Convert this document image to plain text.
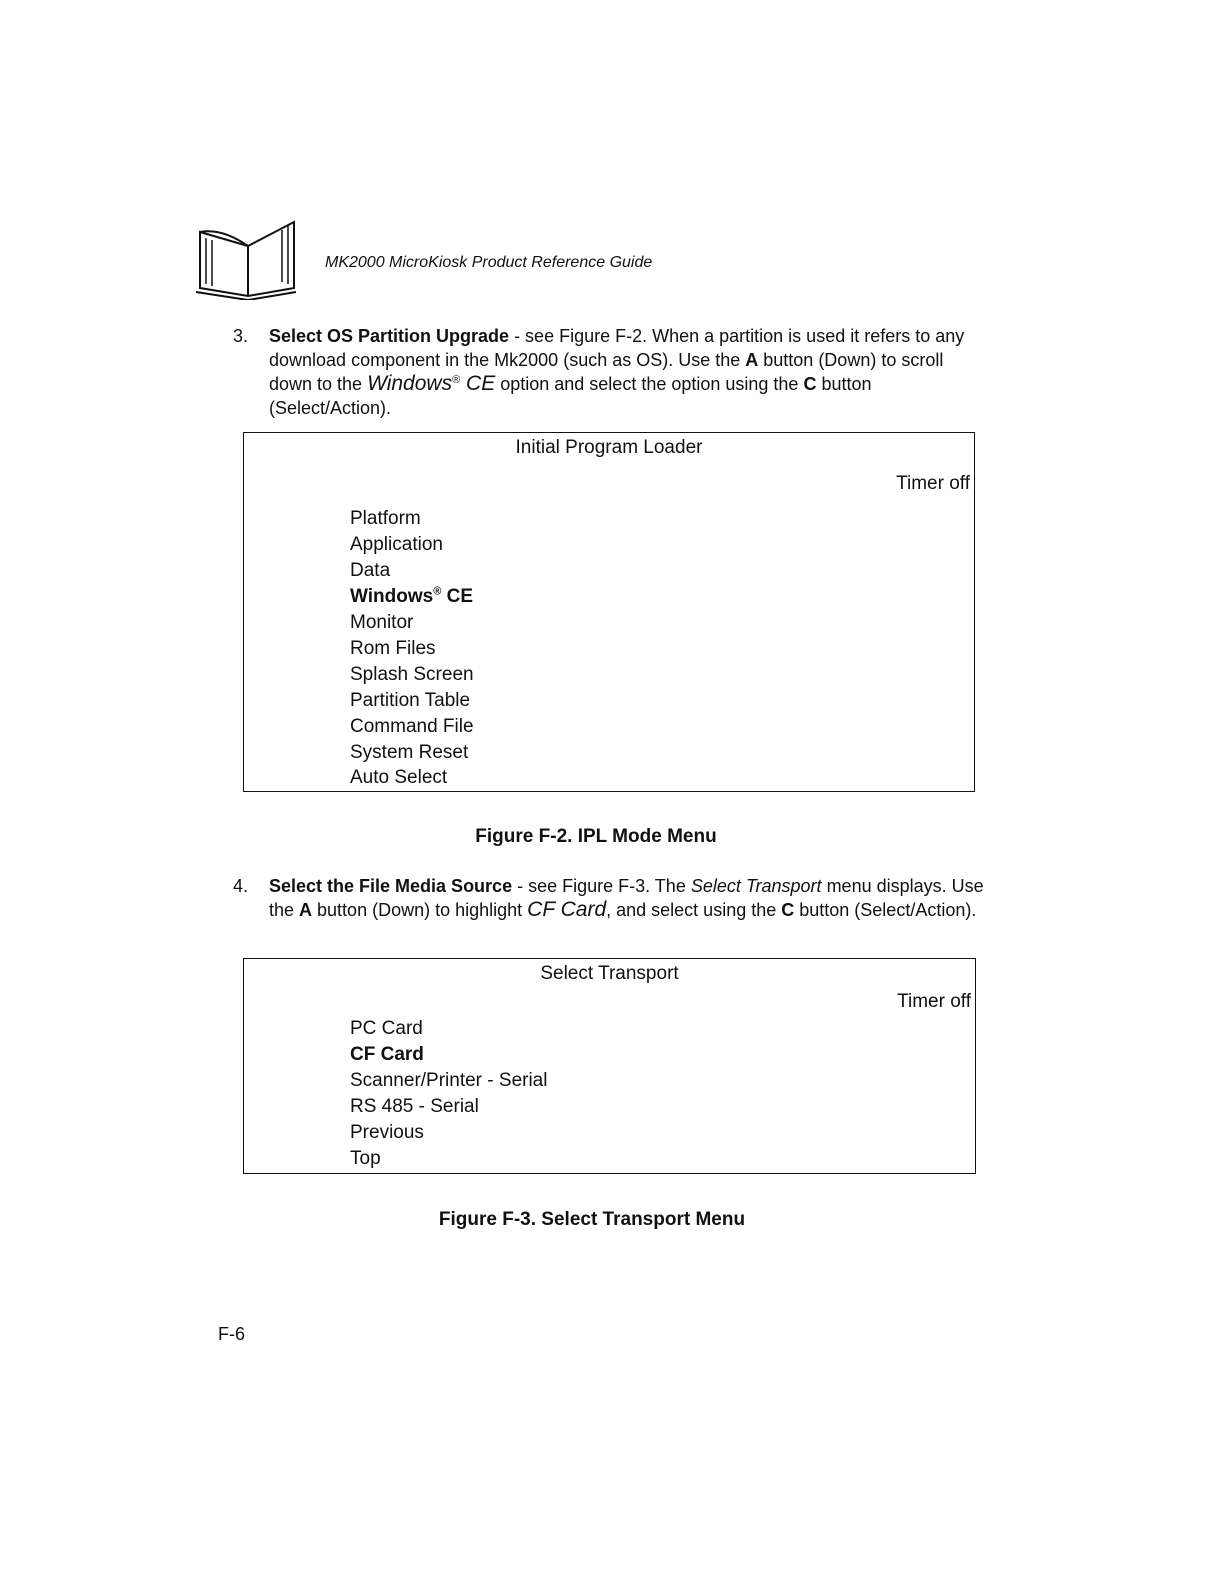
MK2000 MicroKiosk Product Reference Guide
3. Select OS Partition Upgrade - see Figure F-2. When a partition is used it refers to any download component in the Mk2000 (such as OS). Use the A button (Down) to scroll down to the Windows® CE option and select the option using the C button (Select/Action).
Initial Program Loader
Timer off
Platform
Application
Data
Windows® CE
Monitor
Rom Files
Splash Screen
Partition Table
Command File
System Reset
Auto Select
Figure F-2. IPL Mode Menu
4. Select the File Media Source - see Figure F-3. The Select Transport menu displays. Use the A button (Down) to highlight CF Card, and select using the C button (Select/Action).
Select Transport
Timer off
PC Card
CF Card
Scanner/Printer - Serial
RS 485 - Serial
Previous
Top
Figure F-3. Select Transport Menu
F-6
